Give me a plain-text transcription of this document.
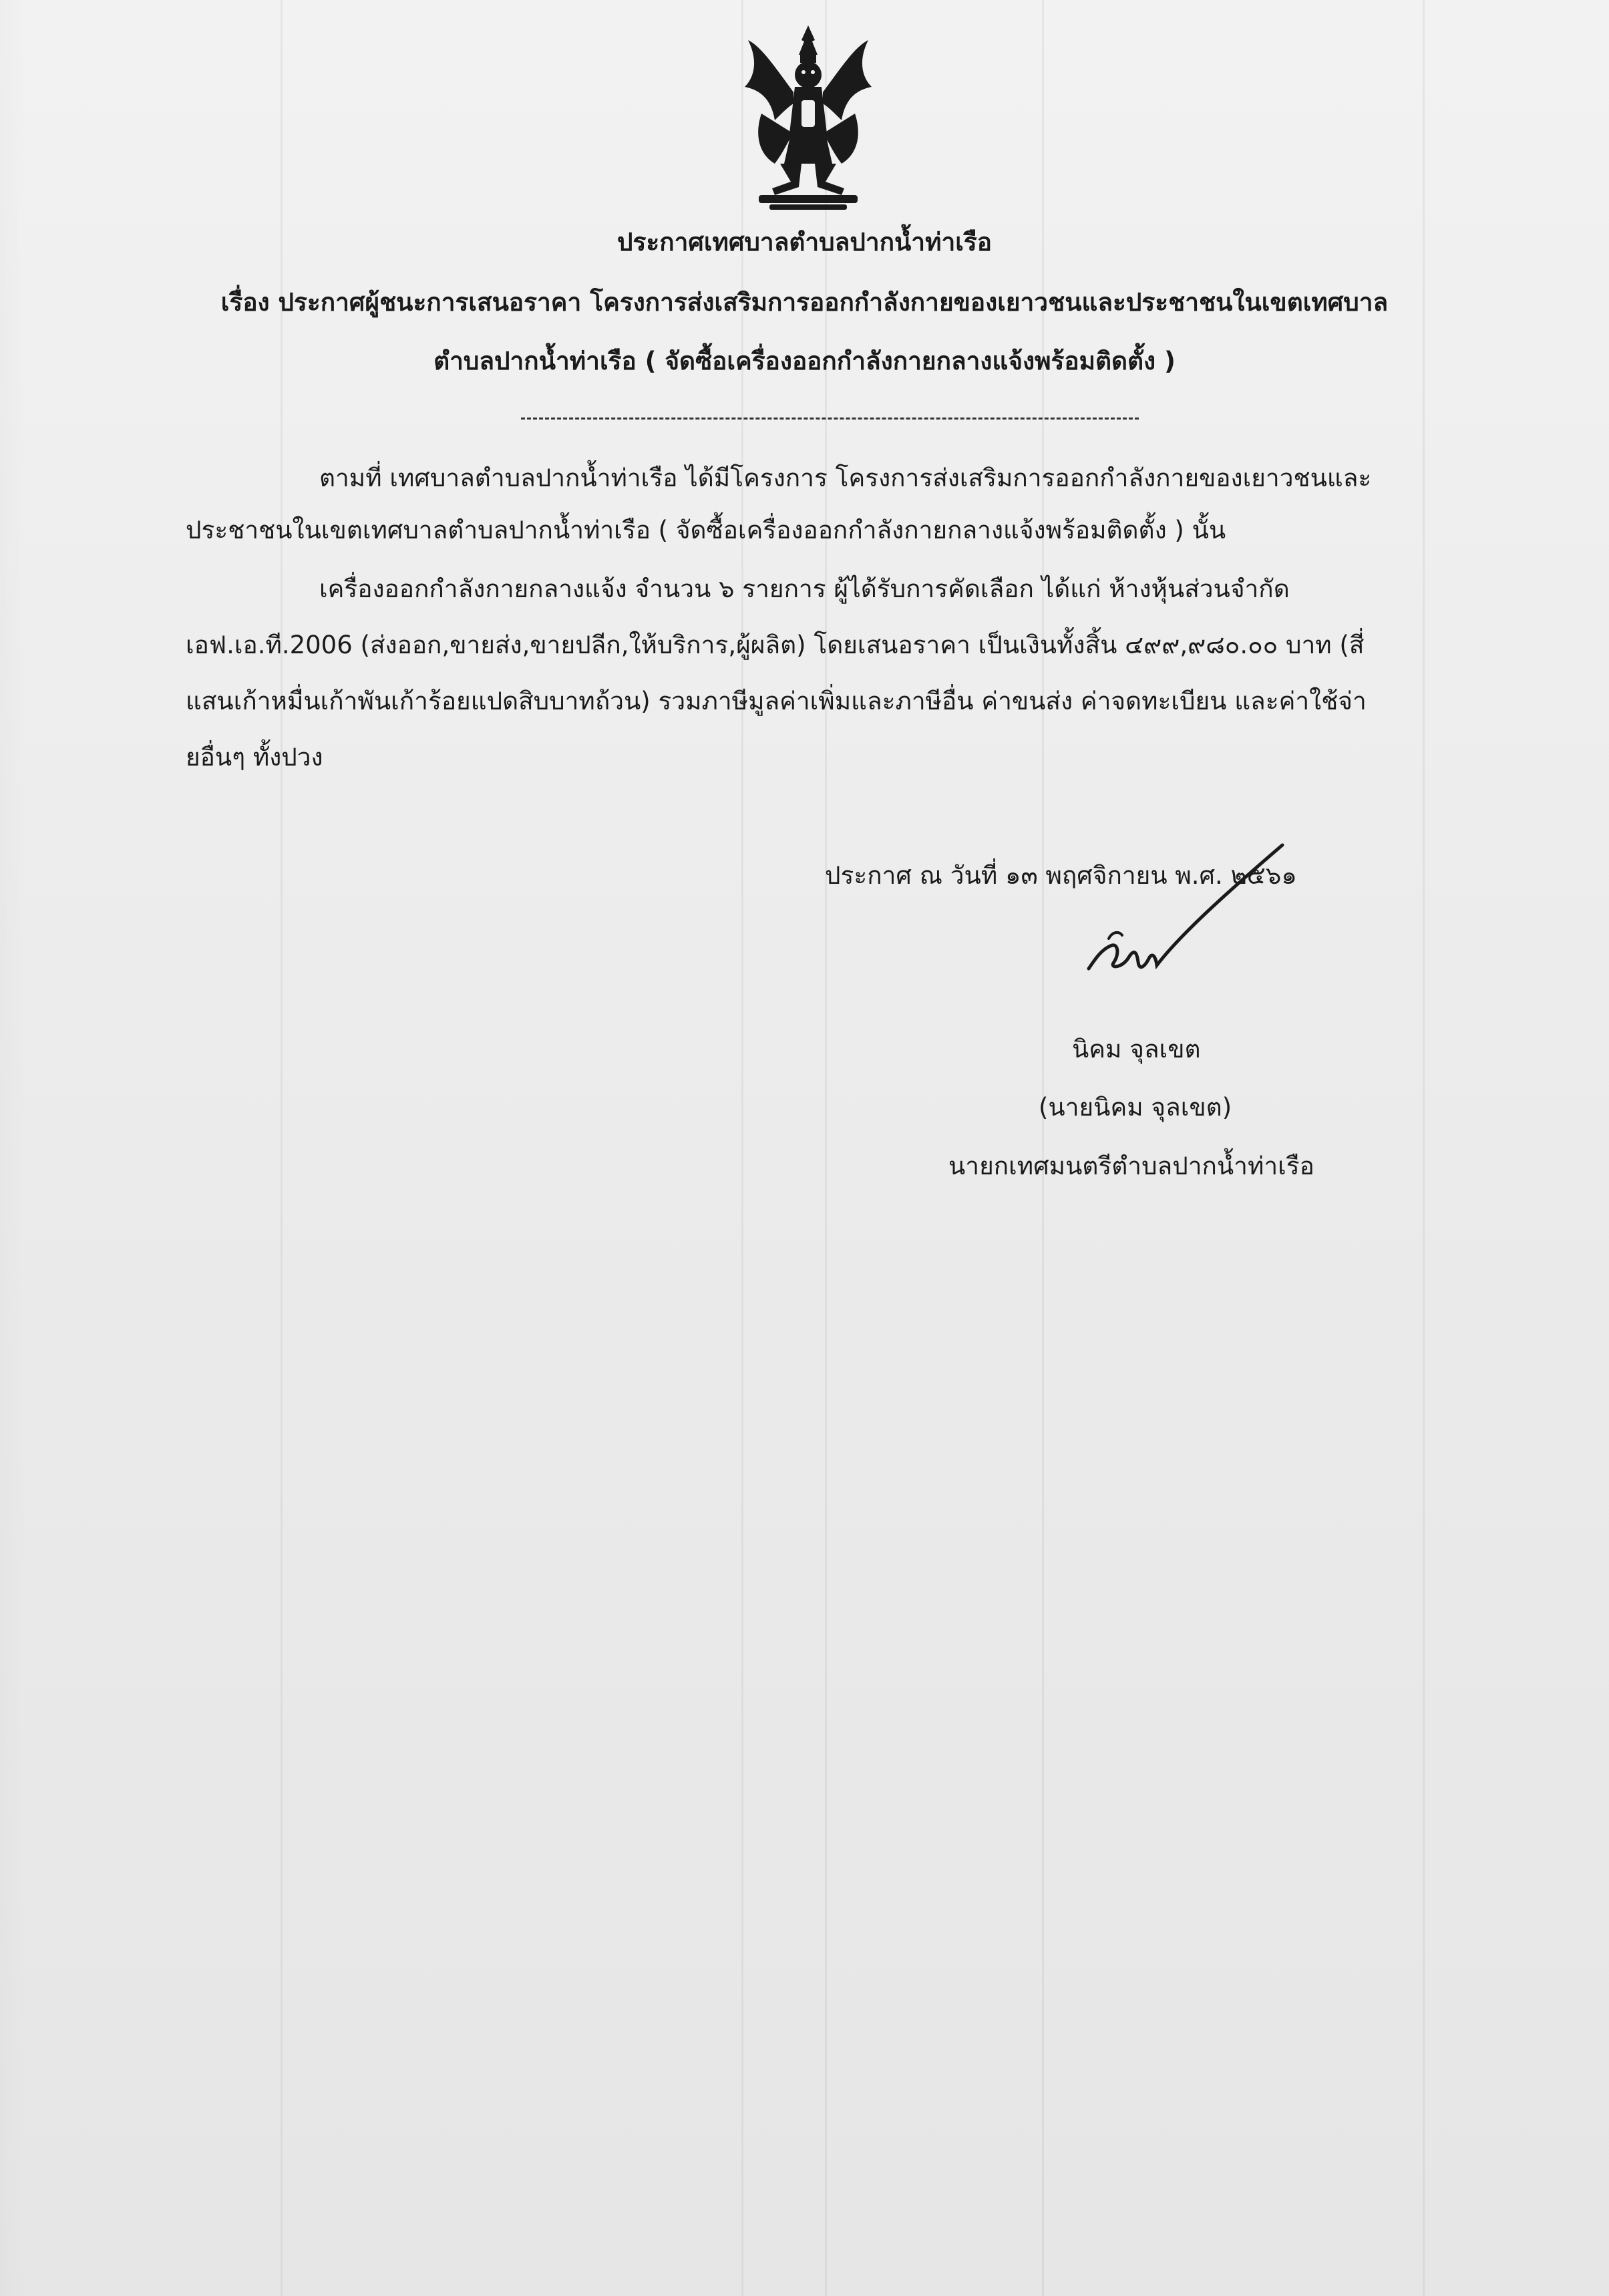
ประกาศเทศบาลตำบลปากน้ำท่าเรือ
เรื่อง ประกาศผู้ชนะการเสนอราคา โครงการส่งเสริมการออกกำลังกายของเยาวชนและประชาชนในเขตเทศบาล
ตำบลปากน้ำท่าเรือ ( จัดซื้อเครื่องออกกำลังกายกลางแจ้งพร้อมติดตั้ง )
ตามที่ เทศบาลตำบลปากน้ำท่าเรือ ได้มีโครงการ โครงการส่งเสริมการออกกำลังกายของเยาวชนและ
ประชาชนในเขตเทศบาลตำบลปากน้ำท่าเรือ ( จัดซื้อเครื่องออกกำลังกายกลางแจ้งพร้อมติดตั้ง ) นั้น
เครื่องออกกำลังกายกลางแจ้ง จำนวน ๖ รายการ ผู้ได้รับการคัดเลือก ได้แก่ ห้างหุ้นส่วนจำกัด
เอฟ.เอ.ที.2006 (ส่งออก,ขายส่ง,ขายปลีก,ให้บริการ,ผู้ผลิต) โดยเสนอราคา เป็นเงินทั้งสิ้น ๔๙๙,๙๘๐.๐๐ บาท (สี่
แสนเก้าหมื่นเก้าพันเก้าร้อยแปดสิบบาทถ้วน) รวมภาษีมูลค่าเพิ่มและภาษีอื่น ค่าขนส่ง ค่าจดทะเบียน และค่าใช้จ่า
ยอื่นๆ ทั้งปวง
ประกาศ ณ วันที่ ๑๓ พฤศจิกายน พ.ศ. ๒๕๖๑
นิคม จุลเขต
(นายนิคม จุลเขต)
นายกเทศมนตรีตำบลปากน้ำท่าเรือ
